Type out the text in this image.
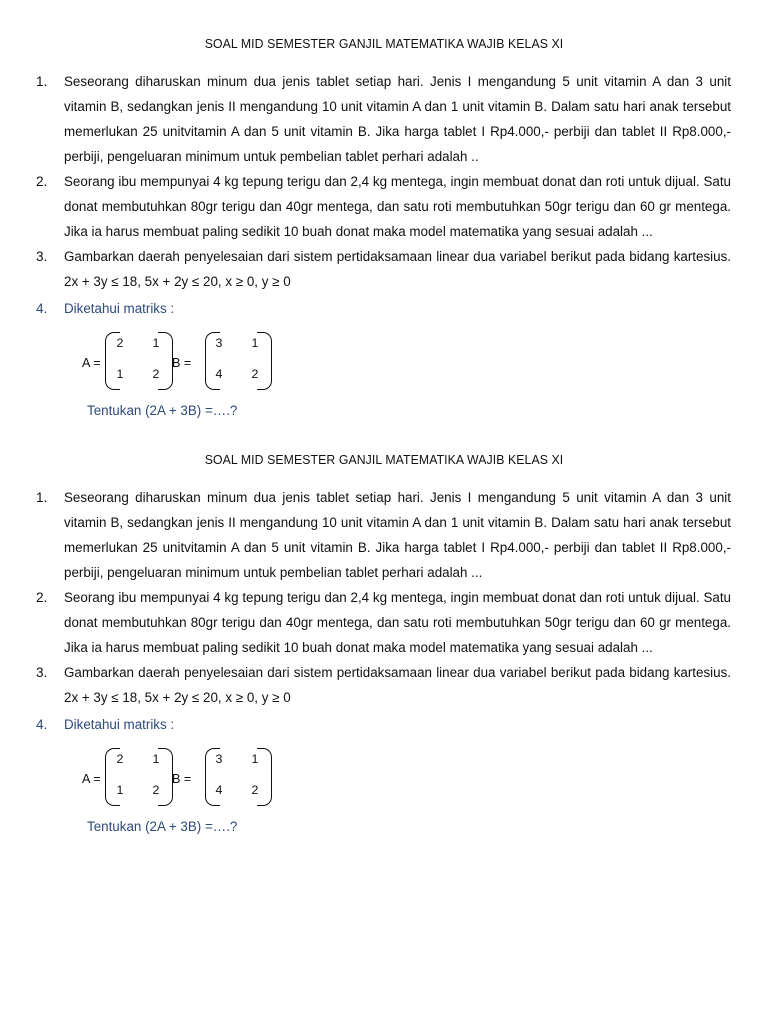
SOAL MID SEMESTER GANJIL MATEMATIKA WAJIB KELAS XI
1. Seseorang diharuskan minum dua jenis tablet setiap hari. Jenis I mengandung 5 unit vitamin A dan 3 unit vitamin B, sedangkan jenis II mengandung 10 unit vitamin A dan 1 unit vitamin B. Dalam satu hari anak tersebut memerlukan 25 unitvitamin A dan 5 unit vitamin B. Jika harga tablet I Rp4.000,- perbiji dan tablet II Rp8.000,- perbiji, pengeluaran minimum untuk pembelian tablet perhari adalah ..
2. Seorang ibu mempunyai 4 kg tepung terigu dan 2,4 kg mentega, ingin membuat donat dan roti untuk dijual. Satu donat membutuhkan 80gr terigu dan 40gr mentega, dan satu roti membutuhkan 50gr terigu dan 60 gr mentega. Jika ia harus membuat paling sedikit 10 buah donat maka model matematika yang sesuai adalah ...
3. Gambarkan daerah penyelesaian dari sistem pertidaksamaan linear dua variabel berikut pada bidang kartesius. 2x + 3y ≤ 18, 5x + 2y ≤ 20, x ≥ 0, y ≥ 0
4. Diketahui matriks :
A =
2 1
1 2
B =
3 1
4 2
Tentukan (2A + 3B) =….?
SOAL MID SEMESTER GANJIL MATEMATIKA WAJIB KELAS XI
1. Seseorang diharuskan minum dua jenis tablet setiap hari. Jenis I mengandung 5 unit vitamin A dan 3 unit vitamin B, sedangkan jenis II mengandung 10 unit vitamin A dan 1 unit vitamin B. Dalam satu hari anak tersebut memerlukan 25 unitvitamin A dan 5 unit vitamin B. Jika harga tablet I Rp4.000,- perbiji dan tablet II Rp8.000,- perbiji, pengeluaran minimum untuk pembelian tablet perhari adalah ...
2. Seorang ibu mempunyai 4 kg tepung terigu dan 2,4 kg mentega, ingin membuat donat dan roti untuk dijual. Satu donat membutuhkan 80gr terigu dan 40gr mentega, dan satu roti membutuhkan 50gr terigu dan 60 gr mentega. Jika ia harus membuat paling sedikit 10 buah donat maka model matematika yang sesuai adalah ...
3. Gambarkan daerah penyelesaian dari sistem pertidaksamaan linear dua variabel berikut pada bidang kartesius. 2x + 3y ≤ 18, 5x + 2y ≤ 20, x ≥ 0, y ≥ 0
4. Diketahui matriks :
A =
2 1
1 2
B =
3 1
4 2
Tentukan (2A + 3B) =….?
